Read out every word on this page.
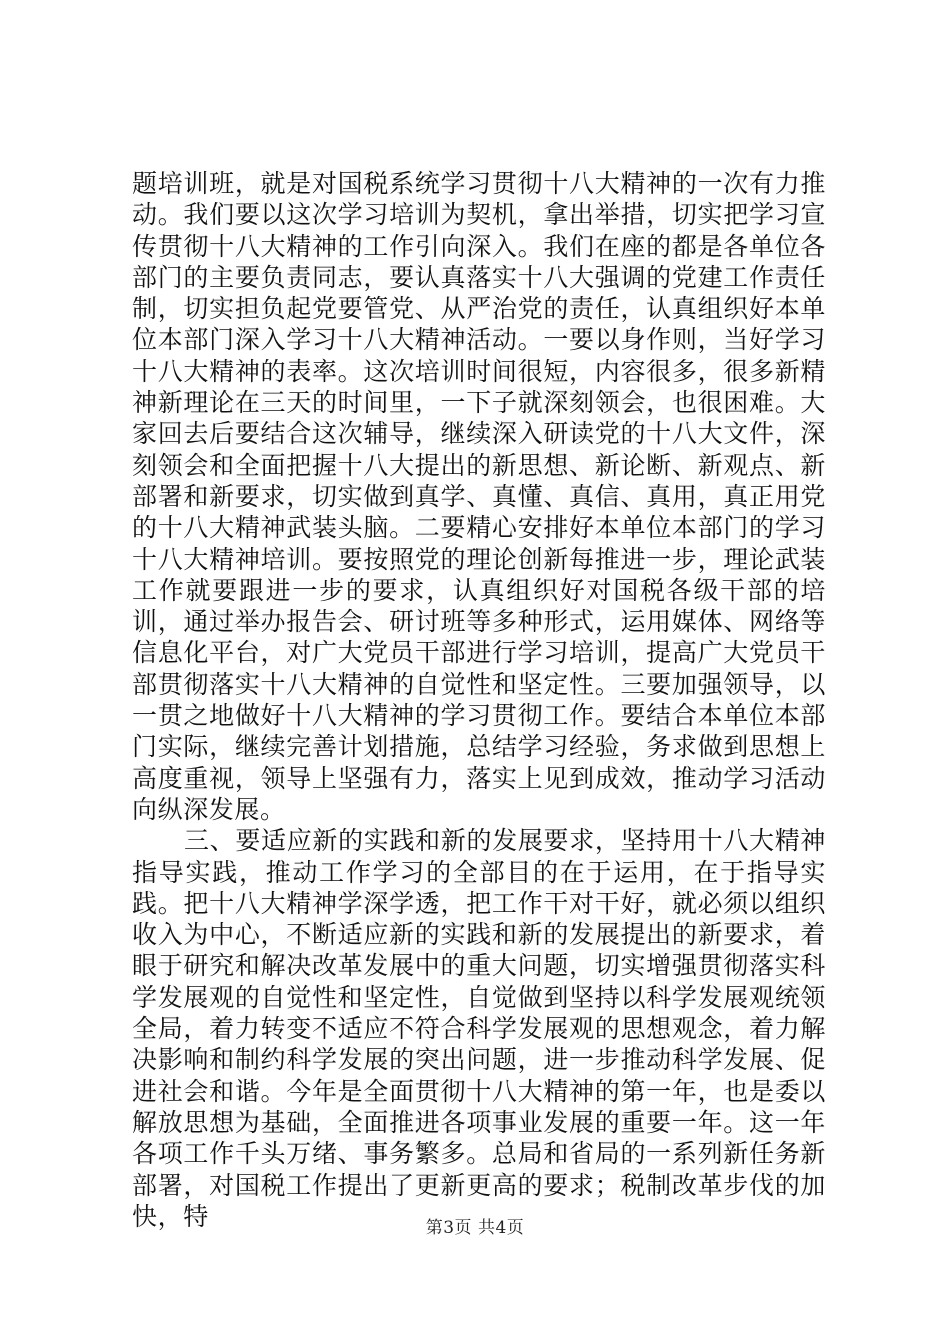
题培训班，就是对国税系统学习贯彻十八大精神的一次有力推动。我们要以这次学习培训为契机，拿出举措，切实把学习宣传贯彻十八大精神的工作引向深入。我们在座的都是各单位各部门的主要负责同志，要认真落实十八大强调的党建工作责任制，切实担负起党要管党、从严治党的责任，认真组织好本单位本部门深入学习十八大精神活动。一要以身作则，当好学习十八大精神的表率。这次培训时间很短，内容很多，很多新精神新理论在三天的时间里，一下子就深刻领会，也很困难。大家回去后要结合这次辅导，继续深入研读党的十八大文件，深刻领会和全面把握十八大提出的新思想、新论断、新观点、新部署和新要求，切实做到真学、真懂、真信、真用，真正用党的十八大精神武装头脑。二要精心安排好本单位本部门的学习十八大精神培训。要按照党的理论创新每推进一步，理论武装工作就要跟进一步的要求，认真组织好对国税各级干部的培训，通过举办报告会、研讨班等多种形式，运用媒体、网络等信息化平台，对广大党员干部进行学习培训，提高广大党员干部贯彻落实十八大精神的自觉性和坚定性。三要加强领导，以一贯之地做好十八大精神的学习贯彻工作。要结合本单位本部门实际，继续完善计划措施，总结学习经验，务求做到思想上高度重视，领导上坚强有力，落实上见到成效，推动学习活动向纵深发展。

三、要适应新的实践和新的发展要求，坚持用十八大精神指导实践，推动工作学习的全部目的在于运用，在于指导实践。把十八大精神学深学透，把工作干对干好，就必须以组织收入为中心，不断适应新的实践和新的发展提出的新要求，着眼于研究和解决改革发展中的重大问题，切实增强贯彻落实科学发展观的自觉性和坚定性，自觉做到坚持以科学发展观统领全局，着力转变不适应不符合科学发展观的思想观念，着力解决影响和制约科学发展的突出问题，进一步推动科学发展、促进社会和谐。今年是全面贯彻十八大精神的第一年，也是委以解放思想为基础，全面推进各项事业发展的重要一年。这一年各项工作千头万绪、事务繁多。总局和省局的一系列新任务新部署，对国税工作提出了更新更高的要求；税制改革步伐的加快，特	第3页 共4页
